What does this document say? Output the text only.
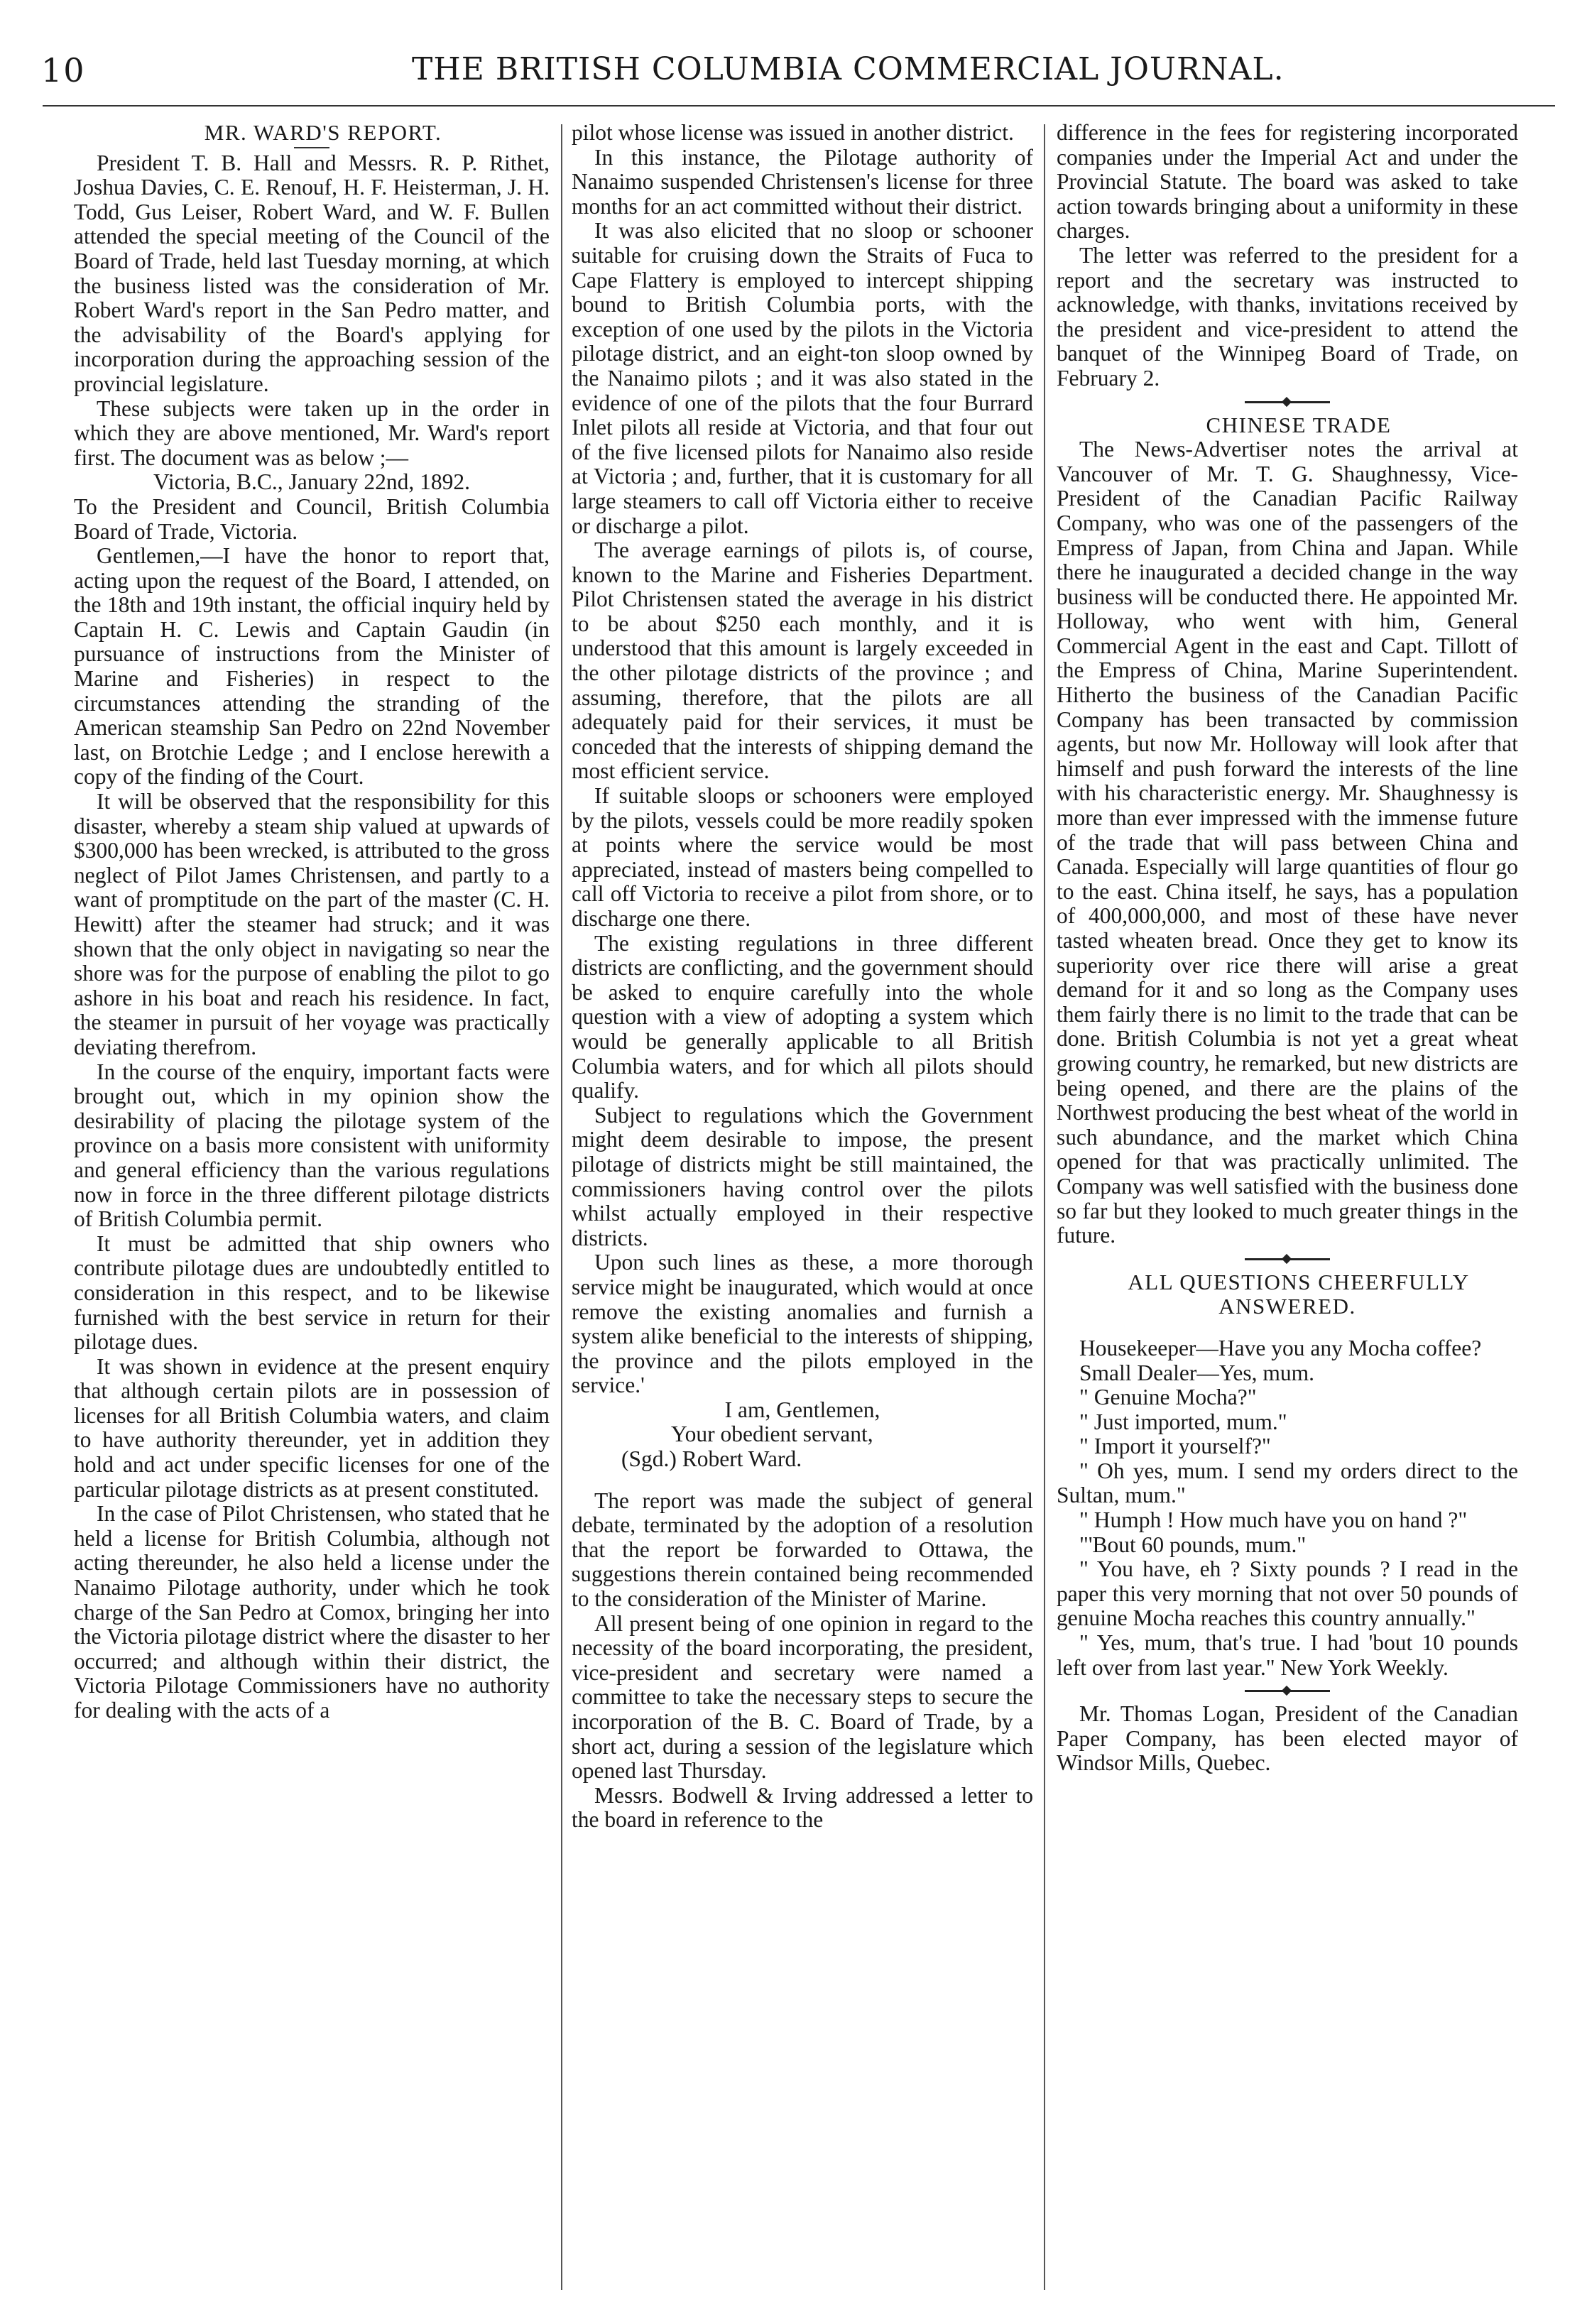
10	THE BRITISH COLUMBIA COMMERCIAL JOURNAL.

MR. WARD'S REPORT.

President T. B. Hall and Messrs. R. P. Rithet, Joshua Davies, C. E. Renouf, H. F. Heisterman, J. H. Todd, Gus Leiser, Robert Ward, and W. F. Bullen attended the special meeting of the Council of the Board of Trade, held last Tuesday morning, at which the business listed was the consideration of Mr. Robert Ward's report in the San Pedro matter, and the advisability of the Board's applying for incorporation during the approaching session of the provincial legislature.

These subjects were taken up in the order in which they are above mentioned, Mr. Ward's report first. The document was as below ;—

Victoria, B.C., January 22nd, 1892.

To the President and Council, British Columbia Board of Trade, Victoria.

Gentlemen,—I have the honor to report that, acting upon the request of the Board, I attended, on the 18th and 19th instant, the official inquiry held by Captain H. C. Lewis and Captain Gaudin (in pursuance of instructions from the Minister of Marine and Fisheries) in respect to the circumstances attending the stranding of the American steamship San Pedro on 22nd November last, on Brotchie Ledge ; and I enclose herewith a copy of the finding of the Court.

It will be observed that the responsibility for this disaster, whereby a steam ship valued at upwards of $300,000 has been wrecked, is attributed to the gross neglect of Pilot James Christensen, and partly to a want of promptitude on the part of the master (C. H. Hewitt) after the steamer had struck; and it was shown that the only object in navigating so near the shore was for the purpose of enabling the pilot to go ashore in his boat and reach his residence. In fact, the steamer in pursuit of her voyage was practically deviating therefrom.

In the course of the enquiry, important facts were brought out, which in my opinion show the desirability of placing the pilotage system of the province on a basis more consistent with uniformity and general efficiency than the various regulations now in force in the three different pilotage districts of British Columbia permit.

It must be admitted that ship owners who contribute pilotage dues are undoubtedly entitled to consideration in this respect, and to be likewise furnished with the best service in return for their pilotage dues.

It was shown in evidence at the present enquiry that although certain pilots are in possession of licenses for all British Columbia waters, and claim to have authority thereunder, yet in addition they hold and act under specific licenses for one of the particular pilotage districts as at present constituted.

In the case of Pilot Christensen, who stated that he held a license for British Columbia, although not acting thereunder, he also held a license under the Nanaimo Pilotage authority, under which he took charge of the San Pedro at Comox, bringing her into the Victoria pilotage district where the disaster to her occurred; and although within their district, the Victoria Pilotage Commissioners have no authority for dealing with the acts of a

pilot whose license was issued in another district.

In this instance, the Pilotage authority of Nanaimo suspended Christensen's license for three months for an act committed without their district.

It was also elicited that no sloop or schooner suitable for cruising down the Straits of Fuca to Cape Flattery is employed to intercept shipping bound to British Columbia ports, with the exception of one used by the pilots in the Victoria pilotage district, and an eight-ton sloop owned by the Nanaimo pilots ; and it was also stated in the evidence of one of the pilots that the four Burrard Inlet pilots all reside at Victoria, and that four out of the five licensed pilots for Nanaimo also reside at Victoria ; and, further, that it is customary for all large steamers to call off Victoria either to receive or discharge a pilot.

The average earnings of pilots is, of course, known to the Marine and Fisheries Department. Pilot Christensen stated the average in his district to be about $250 each monthly, and it is understood that this amount is largely exceeded in the other pilotage districts of the province ; and assuming, therefore, that the pilots are all adequately paid for their services, it must be conceded that the interests of shipping demand the most efficient service.

If suitable sloops or schooners were employed by the pilots, vessels could be more readily spoken at points where the service would be most appreciated, instead of masters being compelled to call off Victoria to receive a pilot from shore, or to discharge one there.

The existing regulations in three different districts are conflicting, and the government should be asked to enquire carefully into the whole question with a view of adopting a system which would be generally applicable to all British Columbia waters, and for which all pilots should qualify.

Subject to regulations which the Government might deem desirable to impose, the present pilotage of districts might be still maintained, the commissioners having control over the pilots whilst actually employed in their respective districts.

Upon such lines as these, a more thorough service might be inaugurated, which would at once remove the existing anomalies and furnish a system alike beneficial to the interests of shipping, the province and the pilots employed in the service.'

I am, Gentlemen,

Your obedient servant,

(Sgd.) Robert Ward.

The report was made the subject of general debate, terminated by the adoption of a resolution that the report be forwarded to Ottawa, the suggestions therein contained being recommended to the consideration of the Minister of Marine.

All present being of one opinion in regard to the necessity of the board incorporating, the president, vice-president and secretary were named a committee to take the necessary steps to secure the incorporation of the B. C. Board of Trade, by a short act, during a session of the legislature which opened last Thursday.

Messrs. Bodwell & Irving addressed a letter to the board in reference to the

difference in the fees for registering incorporated companies under the Imperial Act and under the Provincial Statute. The board was asked to take action towards bringing about a uniformity in these charges.

The letter was referred to the president for a report and the secretary was instructed to acknowledge, with thanks, invitations received by the president and vice-president to attend the banquet of the Winnipeg Board of Trade, on February 2.

CHINESE TRADE

The News-Advertiser notes the arrival at Vancouver of Mr. T. G. Shaughnessy, Vice-President of the Canadian Pacific Railway Company, who was one of the passengers of the Empress of Japan, from China and Japan. While there he inaugurated a decided change in the way business will be conducted there. He appointed Mr. Holloway, who went with him, General Commercial Agent in the east and Capt. Tillott of the Empress of China, Marine Superintendent. Hitherto the business of the Canadian Pacific Company has been transacted by commission agents, but now Mr. Holloway will look after that himself and push forward the interests of the line with his characteristic energy. Mr. Shaughnessy is more than ever impressed with the immense future of the trade that will pass between China and Canada. Especially will large quantities of flour go to the east. China itself, he says, has a population of 400,000,000, and most of these have never tasted wheaten bread. Once they get to know its superiority over rice there will arise a great demand for it and so long as the Company uses them fairly there is no limit to the trade that can be done. British Columbia is not yet a great wheat growing country, he remarked, but new districts are being opened, and there are the plains of the Northwest producing the best wheat of the world in such abundance, and the market which China opened for that was practically unlimited. The Company was well satisfied with the business done so far but they looked to much greater things in the future.

ALL QUESTIONS CHEERFULLY ANSWERED.

Housekeeper—Have you any Mocha coffee?

Small Dealer—Yes, mum.

" Genuine Mocha?"

" Just imported, mum."

" Import it yourself?"

" Oh yes, mum. I send my orders direct to the Sultan, mum."

" Humph ! How much have you on hand ?"

"'Bout 60 pounds, mum."

" You have, eh ? Sixty pounds ? I read in the paper this very morning that not over 50 pounds of genuine Mocha reaches this country annually."

" Yes, mum, that's true. I had 'bout 10 pounds left over from last year." New York Weekly.

Mr. Thomas Logan, President of the Canadian Paper Company, has been elected mayor of Windsor Mills, Quebec.
